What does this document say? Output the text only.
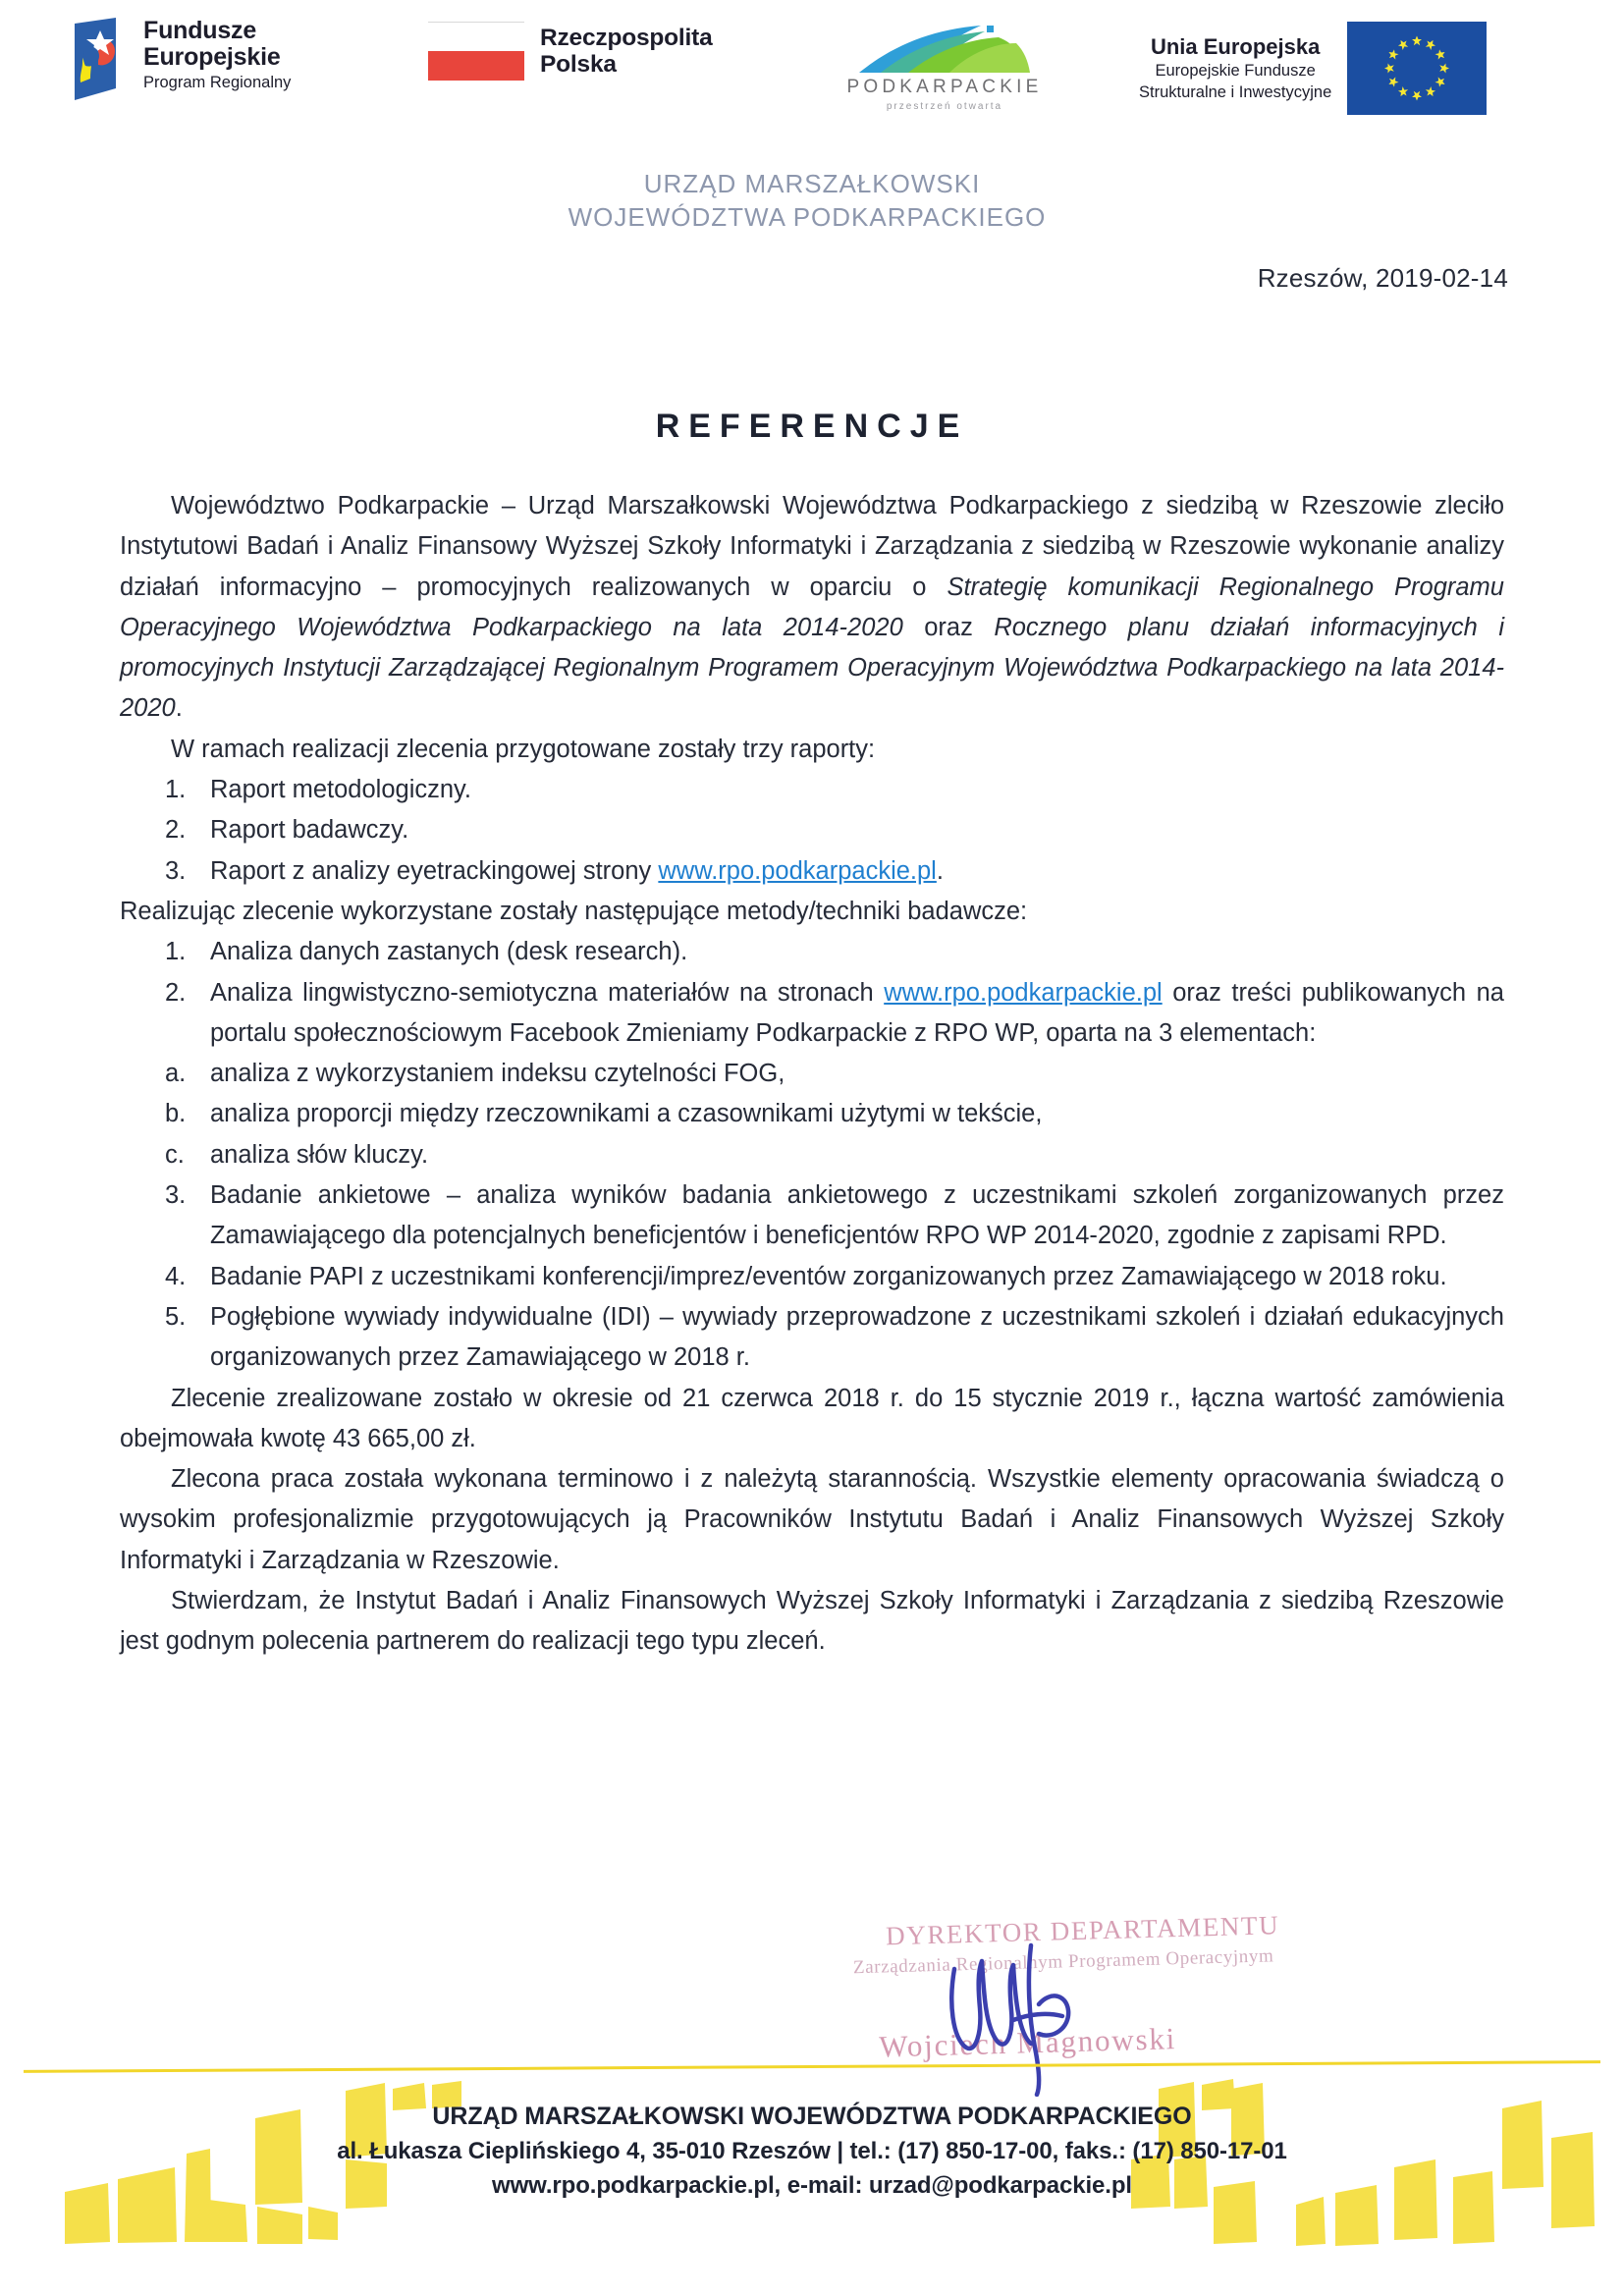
Fundusze
Europejskie
Program Regionalny
Rzeczpospolita
Polska
PODKARPACKIE
przestrzeń otwarta
Unia Europejska
Europejskie Fundusze
Strukturalne i Inwestycyjne
URZĄD MARSZAŁKOWSKI
WOJEWÓDZTWA PODKARPACKIEGO
Rzeszów, 2019-02-14
REFERENCJE

Województwo Podkarpackie – Urząd Marszałkowski Województwa Podkarpackiego z siedzibą w Rzeszowie zleciło Instytutowi Badań i Analiz Finansowy Wyższej Szkoły Informatyki i Zarządzania z siedzibą w Rzeszowie wykonanie analizy działań informacyjno – promocyjnych realizowanych w oparciu o Strategię komunikacji Regionalnego Programu Operacyjnego Województwa Podkarpackiego na lata 2014-2020 oraz Rocznego planu działań informacyjnych i promocyjnych Instytucji Zarządzającej Regionalnym Programem Operacyjnym Województwa Podkarpackiego na lata 2014-2020.

W ramach realizacji zlecenia przygotowane zostały trzy raporty:

1. Raport metodologiczny.
2. Raport badawczy.
3. Raport z analizy eyetrackingowej strony www.rpo.podkarpackie.pl.

Realizując zlecenie wykorzystane zostały następujące metody/techniki badawcze:

1. Analiza danych zastanych (desk research).
2. Analiza lingwistyczno-semiotyczna materiałów na stronach www.rpo.podkarpackie.pl oraz treści publikowanych na portalu społecznościowym Facebook Zmieniamy Podkarpackie z RPO WP, oparta na 3 elementach:
a. analiza z wykorzystaniem indeksu czytelności FOG,
b. analiza proporcji między rzeczownikami a czasownikami użytymi w tekście,
c.	analiza słów kluczy.
3. Badanie ankietowe – analiza wyników badania ankietowego z uczestnikami szkoleń zorganizowanych przez Zamawiającego dla potencjalnych beneficjentów i beneficjentów RPO WP 2014-2020, zgodnie z zapisami RPD.
4. Badanie PAPI z uczestnikami konferencji/imprez/eventów zorganizowanych przez Zamawiającego w 2018 roku.
5. Pogłębione wywiady indywidualne (IDI) – wywiady przeprowadzone z uczestnikami szkoleń i działań edukacyjnych organizowanych przez Zamawiającego w 2018 r.

Zlecenie zrealizowane zostało w okresie od 21 czerwca 2018 r. do 15 stycznie 2019 r., łączna wartość zamówienia obejmowała kwotę 43 665,00 zł.

Zlecona praca została wykonana terminowo i z należytą starannością. Wszystkie elementy opracowania świadczą o wysokim profesjonalizmie przygotowujących ją Pracowników Instytutu Badań i Analiz Finansowych Wyższej Szkoły Informatyki i Zarządzania w Rzeszowie.

Stwierdzam, że Instytut Badań i Analiz Finansowych Wyższej Szkoły Informatyki i Zarządzania z siedzibą Rzeszowie jest godnym polecenia partnerem do realizacji tego typu zleceń.

DYREKTOR DEPARTAMENTU
Zarządzania Regionalnym Programem Operacyjnym
Wojciech Magnowski
URZĄD MARSZAŁKOWSKI WOJEWÓDZTWA PODKARPACKIEGO
al. Łukasza Cieplińskiego 4, 35-010 Rzeszów | tel.: (17) 850-17-00, faks.: (17) 850-17-01
www.rpo.podkarpackie.pl, e-mail: urzad@podkarpackie.pl
